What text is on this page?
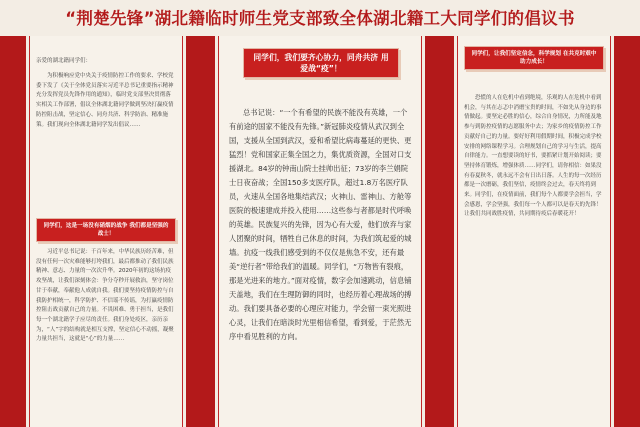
“荆楚先锋”湖北籍临时师生党支部致全体湖北籍工大同学们的倡议书
亲爱的湖北籍同学们：

为积极响应党中央关于疫情防控工作的要求、学校党委下发了《关于全体党员落实习近平总书记重要指示精神充分发挥党员先锋作用的通知》，临时党支部坚决贯彻落实相关工作部署，倡议全体湖北籍同学做到坚决打赢疫情防控阻击战，坚定信心、同舟共济、科学防治、精准施策。我们现向全体湖北籍同学发出倡议……

同学们，这是一场没有硝烟的战争 我们都是坚强的战士！

习近平总书记说：千百年来，中华民族历经苦难，但没有任何一次灾难能够打垮我们，最后都推动了我们民族精神、意志、力量的一次次升华。2020年初的这场抗疫攻坚战，让我们深刻体会：争分夺秒开展救治，坚守岗位甘于奉献，奉献他人成就自我。我们要坚持疫情防控与自我防护相统一，科学防护、不信谣不传谣，为打赢疫情防控阻击战贡献自己的力量。不畏困难、勇于担当，是我们每一个湖北籍学子应尽的责任。我们身处疫区，亲历亲为，“人”字的结构就是相互支撑，坚定信心不动摇，凝聚力量共担当，这就是“心”的力量……

同学们，我们要齐心协力，同舟共济 用爱战“疫”！

总书记说：“一个有希望的民族不能没有英雄，一个有前途的国家不能没有先锋。”新冠肺炎疫情从武汉到全国，支援从全国到武汉，爱和希望比病毒蔓延的更快、更猛烈！党和国家正集全国之力，集优质资源，全国对口支援湖北。84岁的钟南山院士挂帅出征；73岁的李兰娟院士日夜奋战；全国150多支医疗队，超过1.8万名医疗队员，火速从全国各地集结武汉；火神山、雷神山、方舱等医院的极速建成并投入使用……这些参与者都是时代呼唤的英雄。民族复兴的先锋，因为心有大爱，他们放弃与家人团聚的时间，牺牲自己休息的时间，为我们筑起爱的城墙。抗疫一线我们感受到的不仅仅是焦急不安，还有最美“逆行者”带给我们的温暖。同学们，“万物皆有裂痕，那是光进来的地方。”面对疫情，数字会加速跳动，信息铺天盖地，我们在生理防御的同时，也经历着心理战场的搏动。我们要具备必要的心理应对能力，学会留一束光照进心灵，让我们在暗淡时光里相信希望，看到爱，于茫然无序中看见胜利的方向。

同学们，让我们坚定信念，科学规划 在共克时艰中助力成长！

恐慌的人在危机中看到绝境，乐观的人在危机中看到机会，与其在忐忑中消磨宝贵的时间，不如先从身边的事情做起。要坚定必胜的信心，综合自身情况，力所能及地参与到防控疫情的志愿服务中去；为家乡的疫情防控工作贡献好自己的力量。要好好利用假期时间，积极完成学校安排的网络课程学习。合理规划自己的学习与生活，提高自律能力。一直想要读的好书，要抓紧计划开始阅读；要坚持体育锻炼，增强体质……同学们，请你相信：如果没有春夏秋冬，就永远不会有日出日落。人生的每一次经历都是一次磨砺，我们坚信，疫情终会过去，春天终将到来。同学们，在疫情面前，我们每个人都要学会担当，学会感恩，学会坚强，我们每一个人都可以是春天的先锋！让我们共同战胜疫情，共同期待疫后春暖花开！
